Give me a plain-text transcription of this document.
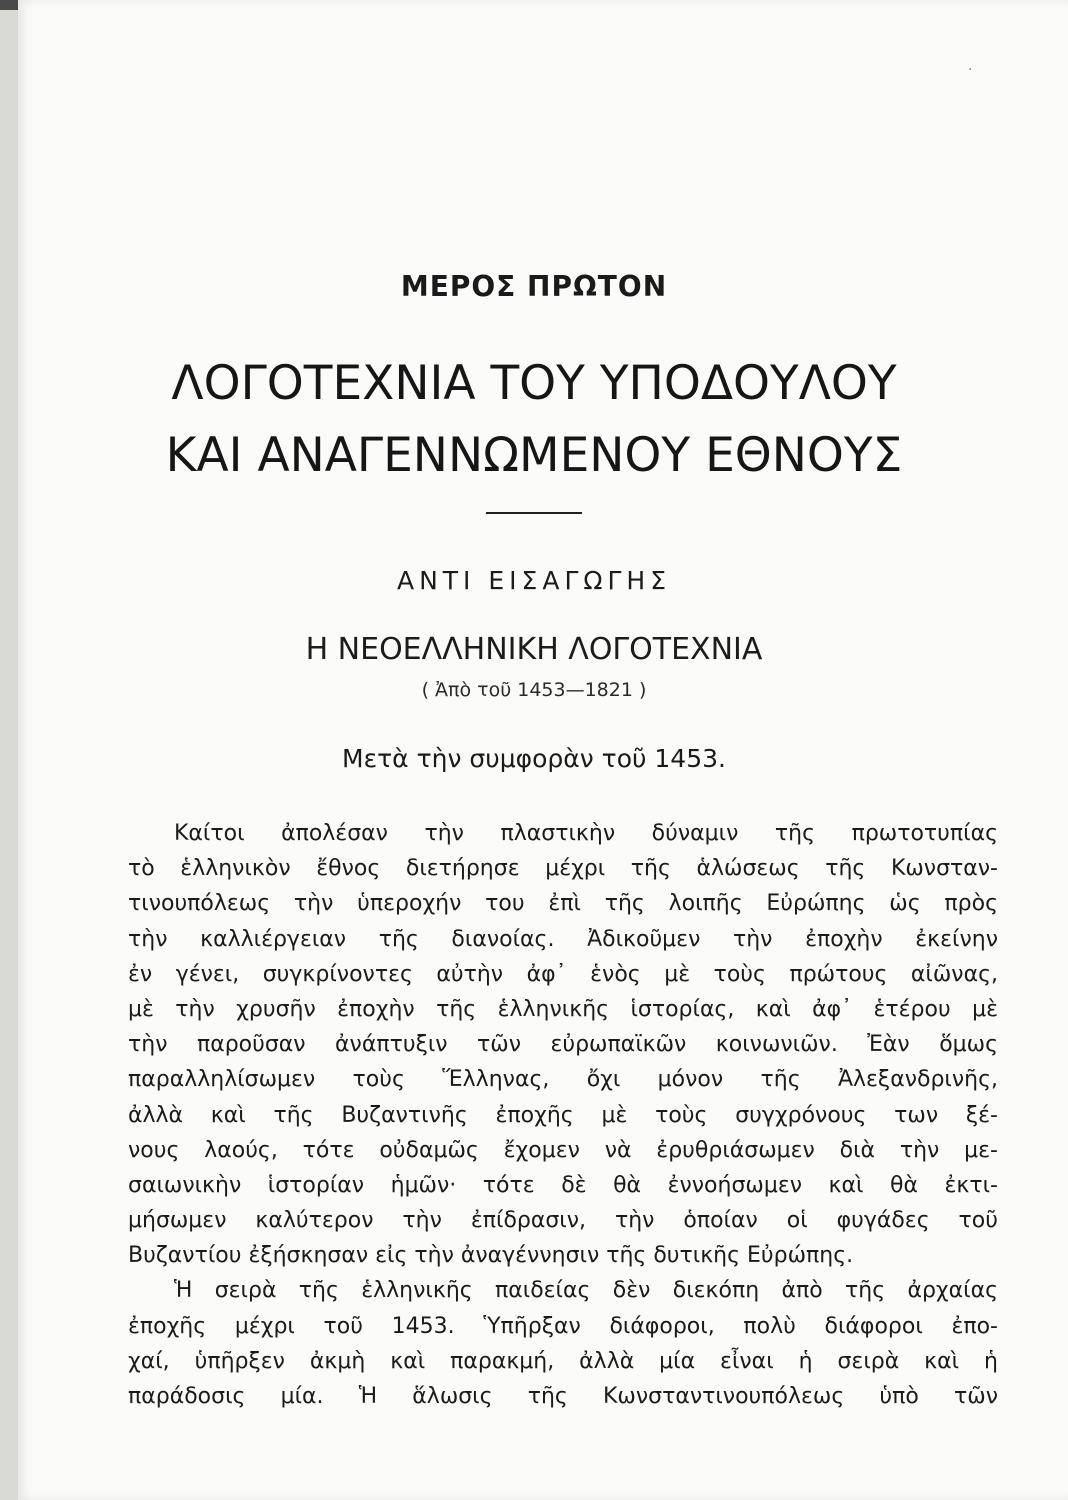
·
ΜΕΡΟΣ ΠΡΩΤΟΝ
ΛΟΓΟΤΕΧΝΙΑ ΤΟΥ ΥΠΟΔΟΥΛΟΥ
ΚΑΙ ΑΝΑΓΕΝΝΩΜΕΝΟΥ ΕΘΝΟΥΣ
ΑΝΤΙ ΕΙΣΑΓΩΓΗΣ
Η ΝΕΟΕΛΛΗΝΙΚΗ ΛΟΓΟΤΕΧΝΙΑ
( Ἀπὸ τοῦ 1453—1821 )
Μετὰ τὴν συμφορὰν τοῦ 1453.
Καίτοι ἀπολέσαν τὴν πλαστικὴν δύναμιν τῆς πρωτοτυπίας
τὸ ἑλληνικὸν ἔθνος διετήρησε μέχρι τῆς ἁλώσεως τῆς Κωνσταν-
τινουπόλεως τὴν ὑπεροχήν του ἐπὶ τῆς λοιπῆς Εὐρώπης ὡς πρὸς
τὴν καλλιέργειαν τῆς διανοίας. Ἀδικοῦμεν τὴν ἐποχὴν ἐκείνην
ἐν γένει, συγκρίνοντες αὐτὴν ἀφ᾿ ἑνὸς μὲ τοὺς πρώτους αἰῶνας,
μὲ τὴν χρυσῆν ἐποχὴν τῆς ἑλληνικῆς ἱστορίας, καὶ ἀφ᾿ ἑτέρου μὲ
τὴν παροῦσαν ἀνάπτυξιν τῶν εὐρωπαϊκῶν κοινωνιῶν. Ἐὰν ὅμως
παραλληλίσωμεν τοὺς Ἕλληνας, ὄχι μόνον τῆς Ἀλεξανδρινῆς,
ἀλλὰ καὶ τῆς Βυζαντινῆς ἐποχῆς μὲ τοὺς συγχρόνους των ξέ-
νους λαούς, τότε οὐδαμῶς ἔχομεν νὰ ἐρυθριάσωμεν διὰ τὴν με-
σαιωνικὴν ἱστορίαν ἡμῶν· τότε δὲ θὰ ἐννοήσωμεν καὶ θὰ ἐκτι-
μήσωμεν καλύτερον τὴν ἐπίδρασιν, τὴν ὁποίαν οἱ φυγάδες τοῦ
Βυζαντίου ἐξήσκησαν εἰς τὴν ἀναγέννησιν τῆς δυτικῆς Εὐρώπης.
Ἡ σειρὰ τῆς ἑλληνικῆς παιδείας δὲν διεκόπη ἀπὸ τῆς ἀρχαίας
ἐποχῆς μέχρι τοῦ 1453. Ὑπῆρξαν διάφοροι, πολὺ διάφοροι ἐπο-
χαί, ὑπῆρξεν ἀκμὴ καὶ παρακμή, ἀλλὰ μία εἶναι ἡ σειρὰ καὶ ἡ
παράδοσις μία. Ἡ ἅλωσις τῆς Κωνσταντινουπόλεως ὑπὸ τῶν
